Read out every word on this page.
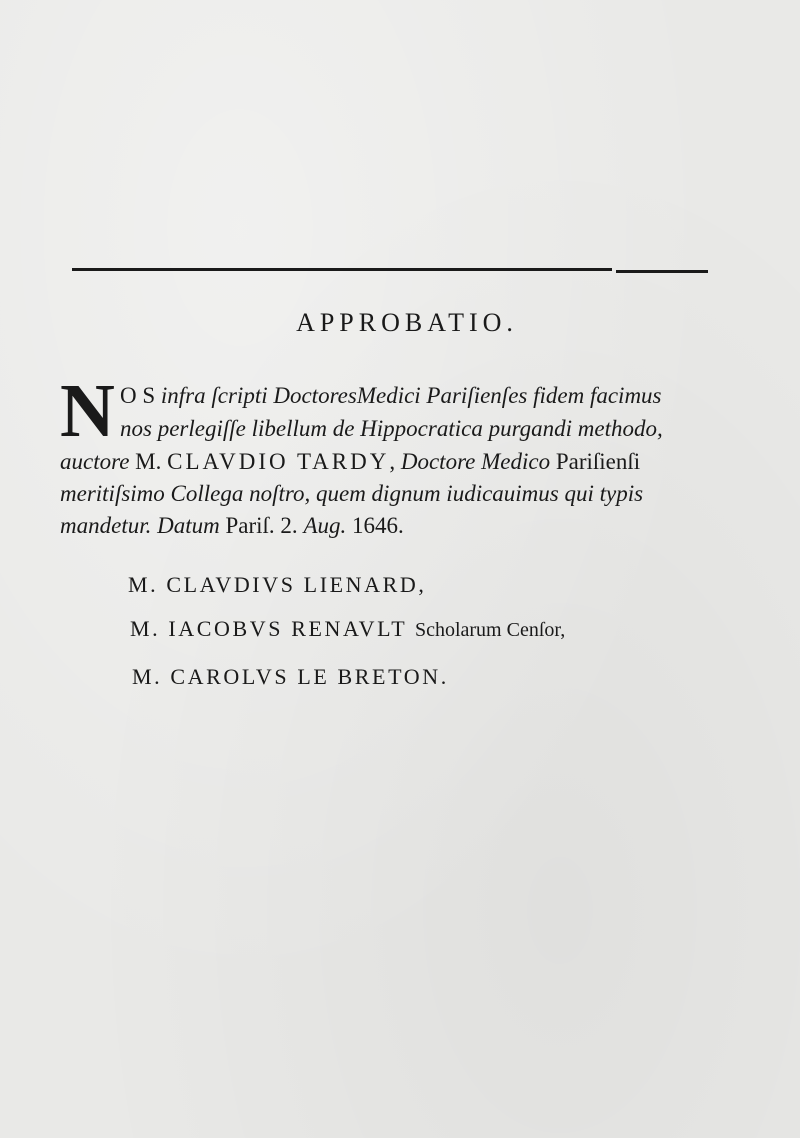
APPROBATIO.
N O S infra ſcripti DoctoresMedici Pariſienſes fidem facimus
nos perlegiſſe libellum de Hippocratica purgandi methodo,
auctore M. CLAVDIO TARDY, Doctore Medico Pariſienſi
meritiſsimo Collega noſtro, quem dignum iudicauimus qui typis
mandetur. Datum Pariſ. 2. Aug. 1646.
M. CLAVDIVS LIENARD,
M. IACOBVS RENAVLT Scholarum Cenſor,
M. CAROLVS LE BRETON.
